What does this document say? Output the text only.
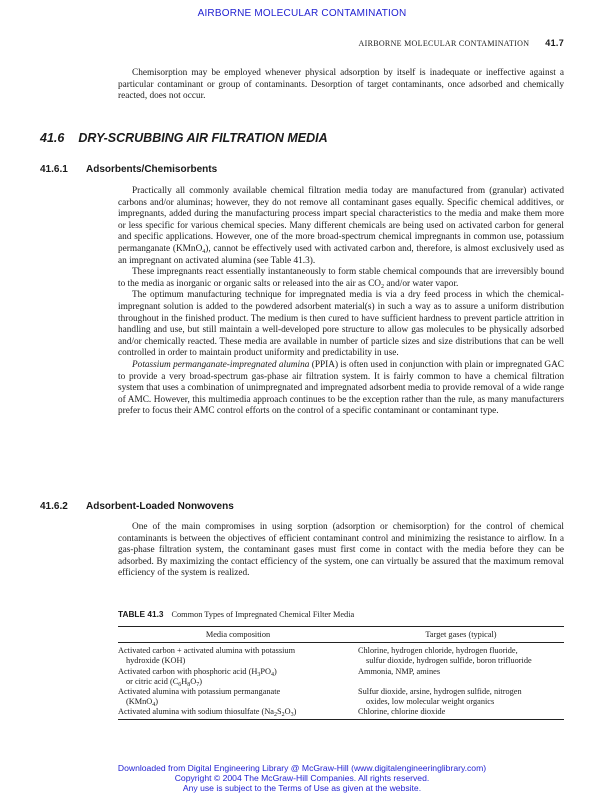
AIRBORNE MOLECULAR CONTAMINATION
AIRBORNE MOLECULAR CONTAMINATION 41.7

Chemisorption may be employed whenever physical adsorption by itself is inadequate or ineffective against a particular contaminant or group of contaminants. Desorption of target contaminants, once adsorbed and chemically reacted, does not occur.

41.6 DRY-SCRUBBING AIR FILTRATION MEDIA
41.6.1 Adsorbents/Chemisorbents

Practically all commonly available chemical filtration media today are manufactured from (granular) activated carbons and/or aluminas; however, they do not remove all contaminant gases equally. Specific chemical additives, or impregnants, added during the manufacturing process impart special characteristics to the media and make them more or less specific for various chemical species. Many different chemicals are being used on activated carbon for general and specific applications. However, one of the more broad-spectrum chemical impregnants in common use, potassium permanganate (KMnO$_4$), cannot be effectively used with activated carbon and, therefore, is almost exclusively used as an impregnant on activated alumina (see Table 41.3).

These impregnants react essentially instantaneously to form stable chemical compounds that are irreversibly bound to the media as inorganic or organic salts or released into the air as $CO_2$ and/or water vapor.

The optimum manufacturing technique for impregnated media is via a dry feed process in which the chemical-impregnant solution is added to the powdered adsorbent material(s) in such a way as to assure a uniform distribution throughout in the finished product. The medium is then cured to have sufficient hardness to prevent particle attrition in handling and use, but still maintain a well-developed pore structure to allow gas molecules to be physically adsorbed and/or chemically reacted. These media are available in number of particle sizes and size distributions that can be well controlled in order to maintain product uniformity and predictability in use.

Potassium permanganate-impregnated alumina (PPIA) is often used in conjunction with plain or impregnated GAC to provide a very broad-spectrum gas-phase air filtration system. It is fairly common to have a chemical filtration system that uses a combination of unimpregnated and impregnated adsorbent media to provide removal of a wide range of AMC. However, this multimedia approach continues to be the exception rather than the rule, as many manufacturers prefer to focus their AMC control efforts on the control of a specific contaminant or contaminant type.

41.6.2 Adsorbent-Loaded Nonwovens

One of the main compromises in using sorption (adsorption or chemisorption) for the control of chemical contaminants is between the objectives of efficient contaminant control and minimizing the resistance to airflow. In a gas-phase filtration system, the contaminant gases must first come in contact with the media before they can be adsorbed. By maximizing the contact efficiency of the system, one can virtually be assured that the maximum removal efficiency of the system is realized.

TABLE 41.3 Common Types of Impregnated Chemical Filter Media
Media composition	Target gases (typical)
Activated carbon + activated alumina with potassium
hydroxide (KOH)
Chlorine, hydrogen chloride, hydrogen fluoride,
sulfur dioxide, hydrogen sulfide, boron trifluoride
Activated carbon with phosphoric acid $(H_3PO_4)$
or citric acid $(C_6H_8O_7)$
Ammonia, NMP, amines
Activated alumina with potassium permanganate
(KMnO$_4$)
Sulfur dioxide, arsine, hydrogen sulfide, nitrogen
oxides, low molecular weight organics
Activated alumina with sodium thiosulfate $(Na_2S_2O_3)$	Chlorine, chlorine dioxide
Downloaded from Digital Engineering Library @ McGraw-Hill (www.digitalengineeringlibrary.com)
Copyright © 2004 The McGraw-Hill Companies. All rights reserved.
Any use is subject to the Terms of Use as given at the website.
